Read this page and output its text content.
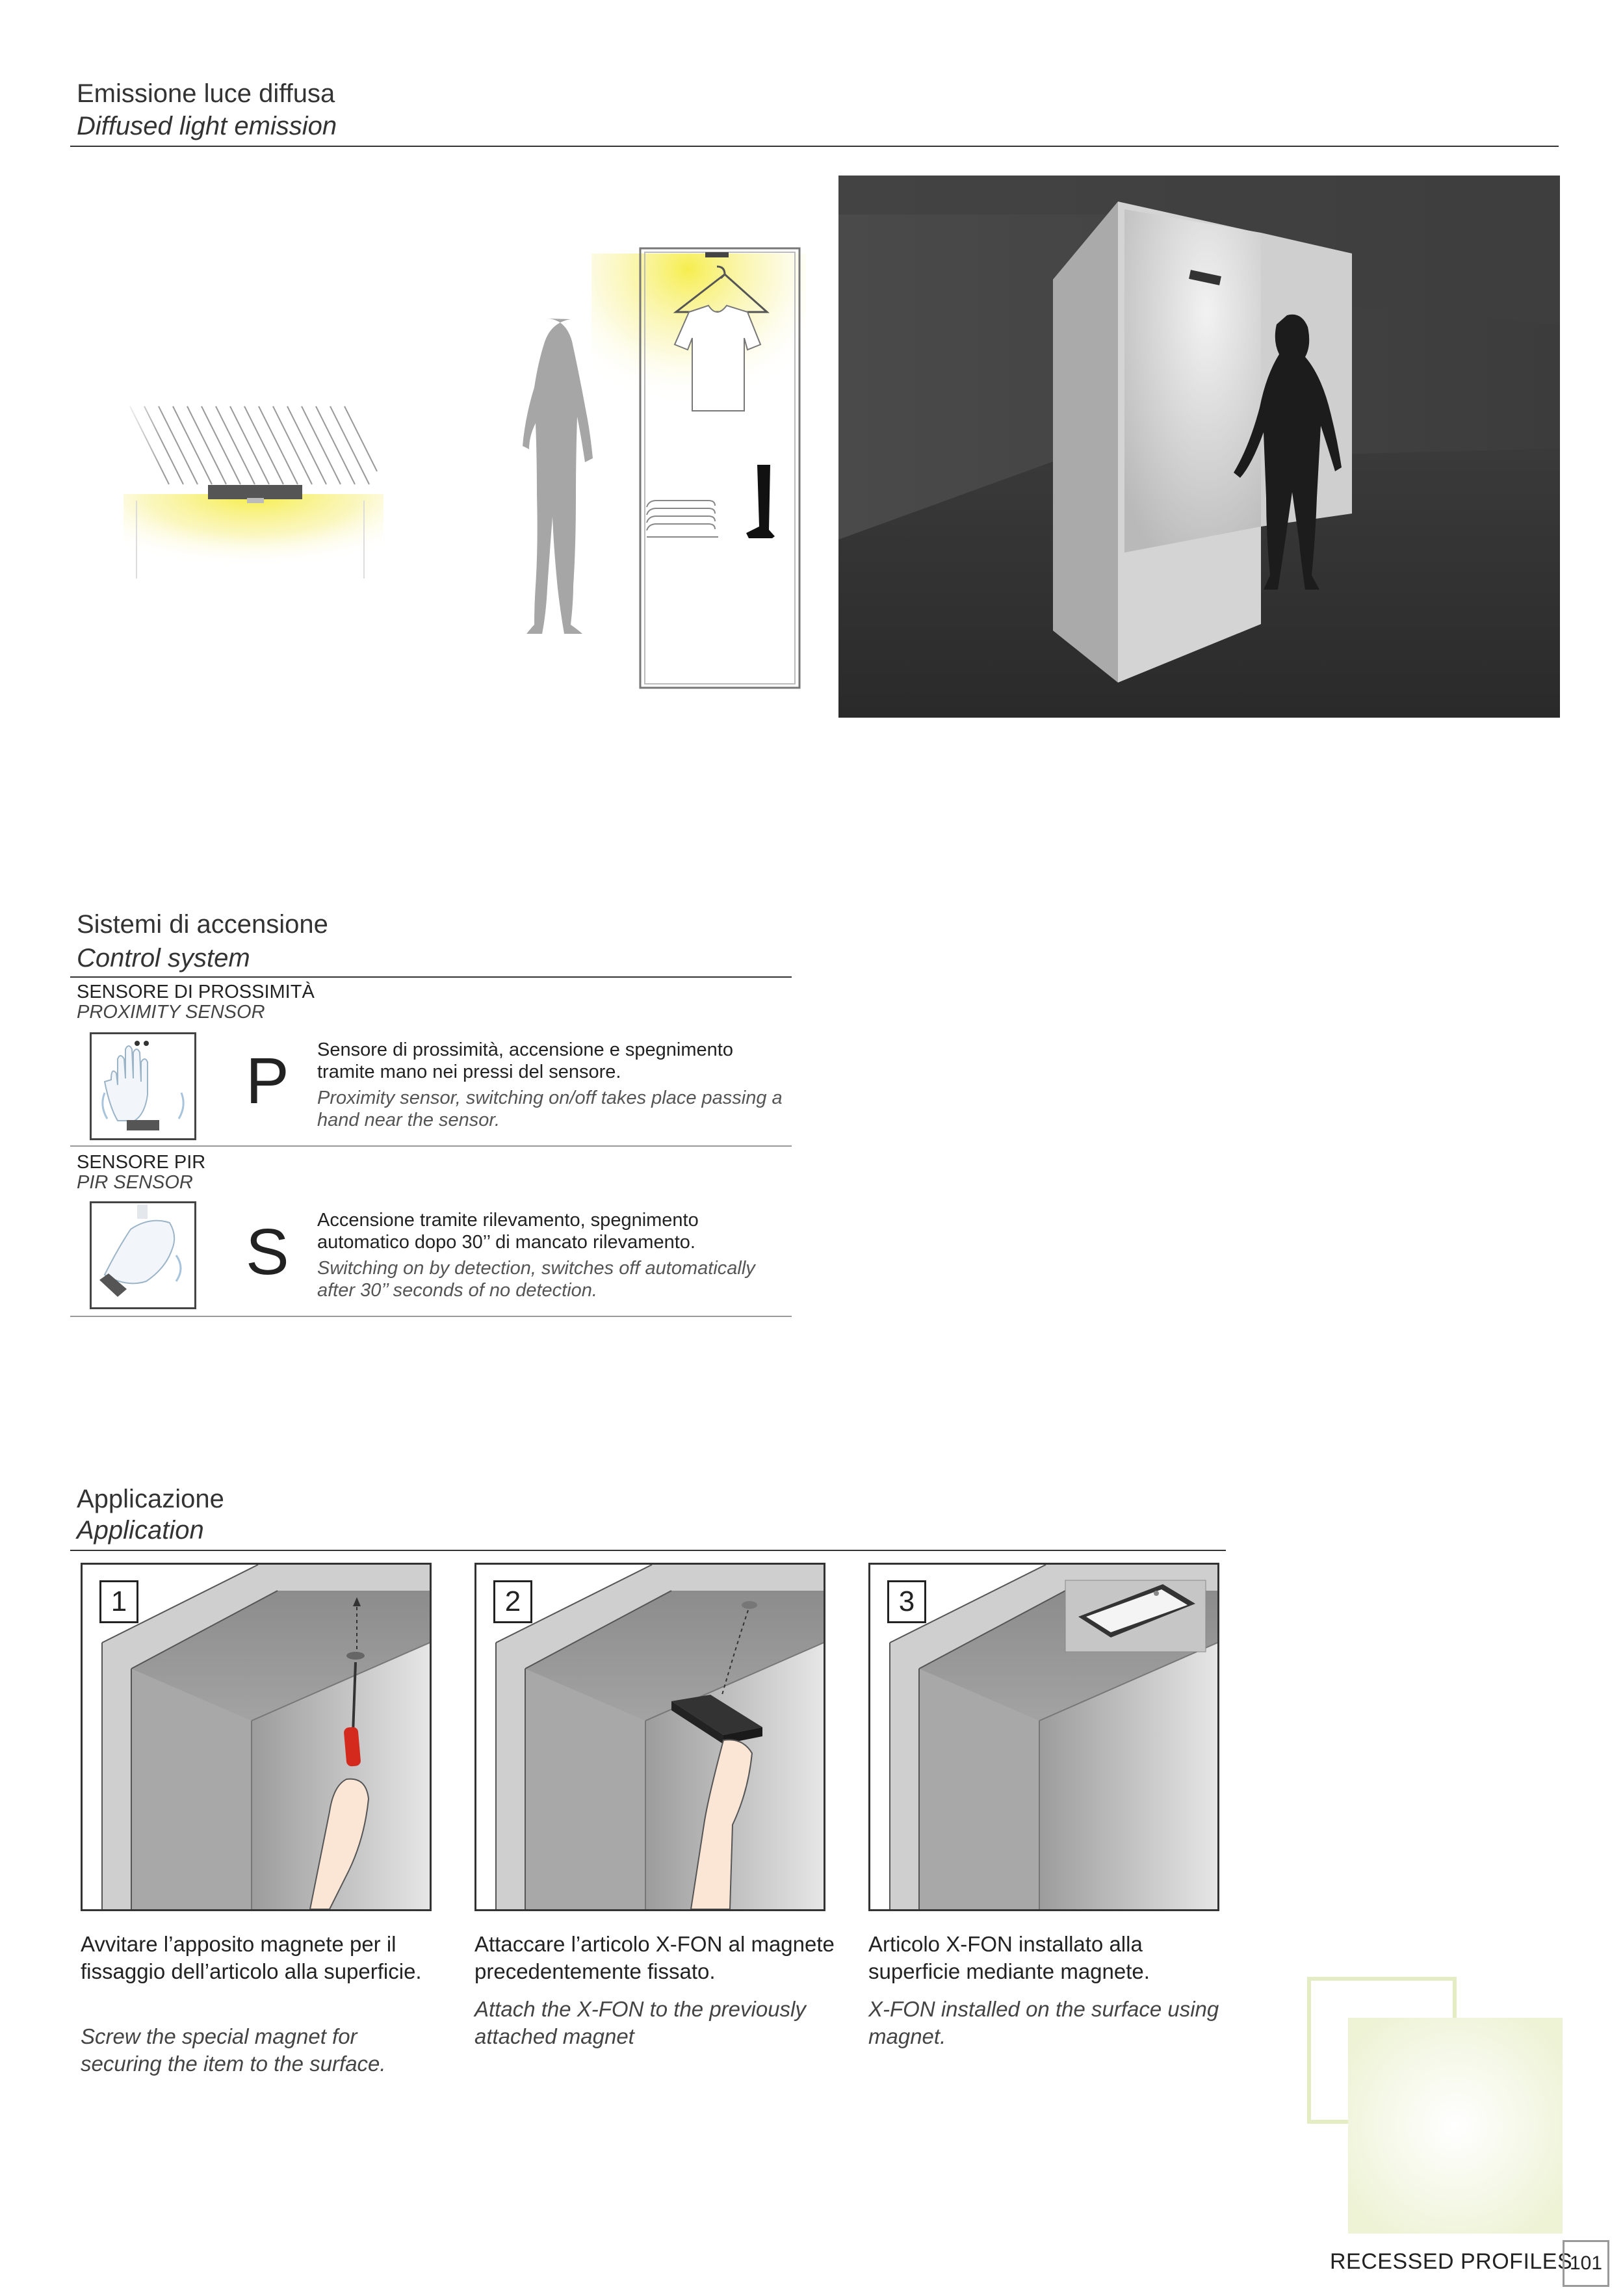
Emissione luce diffusa
Diffused light emission
Sistemi di accensione
Control system
SENSORE DI PROSSIMITÀ
PROXIMITY SENSOR
P Sensore di prossimità, accensione e spegnimento tramite mano nei pressi del sensore.
Proximity sensor, switching on/off takes place passing a hand near the sensor.
SENSORE PIR
PIR SENSOR
S Accensione tramite rilevamento, spegnimento automatico dopo 30’’ di mancato rilevamento.
Switching on by detection, switches off automatically after 30’’ seconds of no detection.
Applicazione
Application
1
Avvitare l’apposito magnete per il fissaggio dell’articolo alla superficie.
Screw the special magnet for securing the item to the surface.
2
Attaccare l’articolo X-FON al magnete precedentemente fissato.
Attach the X-FON to the previously attached magnet
3
Articolo X-FON installato alla superficie mediante magnete.
X-FON installed on the surface using magnet.
RECESSED PROFILES
101
